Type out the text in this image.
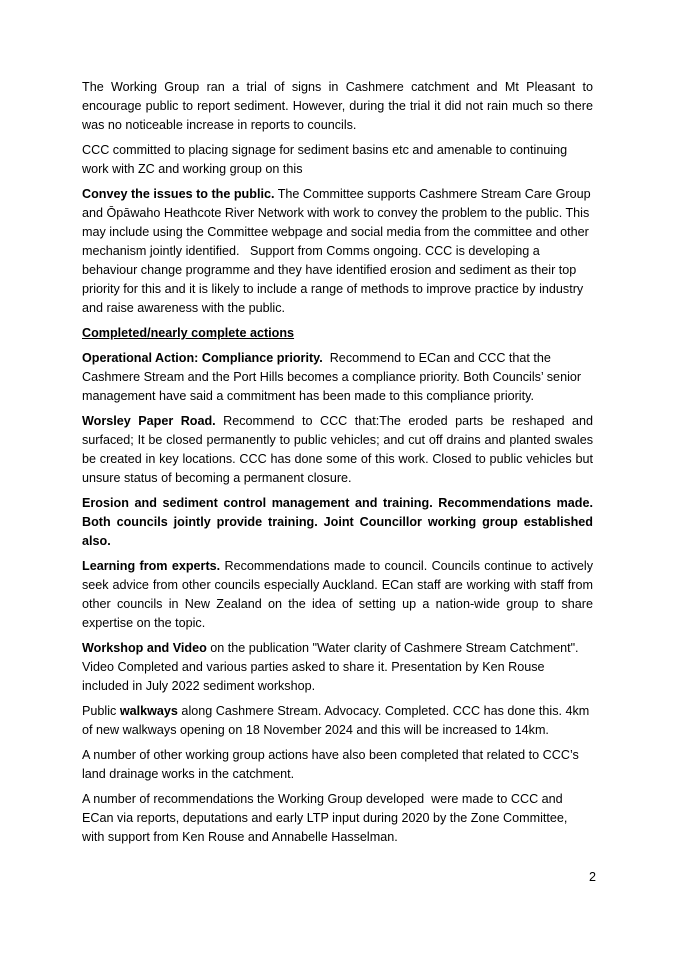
The Working Group ran a trial of signs in Cashmere catchment and Mt Pleasant to encourage public to report sediment. However, during the trial it did not rain much so there was no noticeable increase in reports to councils.

CCC committed to placing signage for sediment basins etc and amenable to continuing work with ZC and working group on this

Convey the issues to the public. The Committee supports Cashmere Stream Care Group and Ōpāwaho Heathcote River Network with work to convey the problem to the public. This may include using the Committee webpage and social media from the committee and other mechanism jointly identified.   Support from Comms ongoing. CCC is developing a behaviour change programme and they have identified erosion and sediment as their top priority for this and it is likely to include a range of methods to improve practice by industry and raise awareness with the public.

Completed/nearly complete actions

Operational Action: Compliance priority.  Recommend to ECan and CCC that the Cashmere Stream and the Port Hills becomes a compliance priority. Both Councils’ senior management have said a commitment has been made to this compliance priority.

Worsley Paper Road. Recommend to CCC that:The eroded parts be reshaped and surfaced; It be closed permanently to public vehicles; and cut off drains and planted swales be created in key locations. CCC has done some of this work. Closed to public vehicles but unsure status of becoming a permanent closure.

Erosion and sediment control management and training. Recommendations made. Both councils jointly provide training. Joint Councillor working group established also.

Learning from experts. Recommendations made to council. Councils continue to actively seek advice from other councils especially Auckland. ECan staff are working with staff from other councils in New Zealand on the idea of setting up a nation-wide group to share expertise on the topic.

Workshop and Video on the publication "Water clarity of Cashmere Stream Catchment". Video Completed and various parties asked to share it. Presentation by Ken Rouse included in July 2022 sediment workshop.

Public walkways along Cashmere Stream. Advocacy. Completed. CCC has done this. 4km of new walkways opening on 18 November 2024 and this will be increased to 14km.

A number of other working group actions have also been completed that related to CCC’s land drainage works in the catchment.

A number of recommendations the Working Group developed  were made to CCC and ECan via reports, deputations and early LTP input during 2020 by the Zone Committee, with support from Ken Rouse and Annabelle Hasselman.

2
